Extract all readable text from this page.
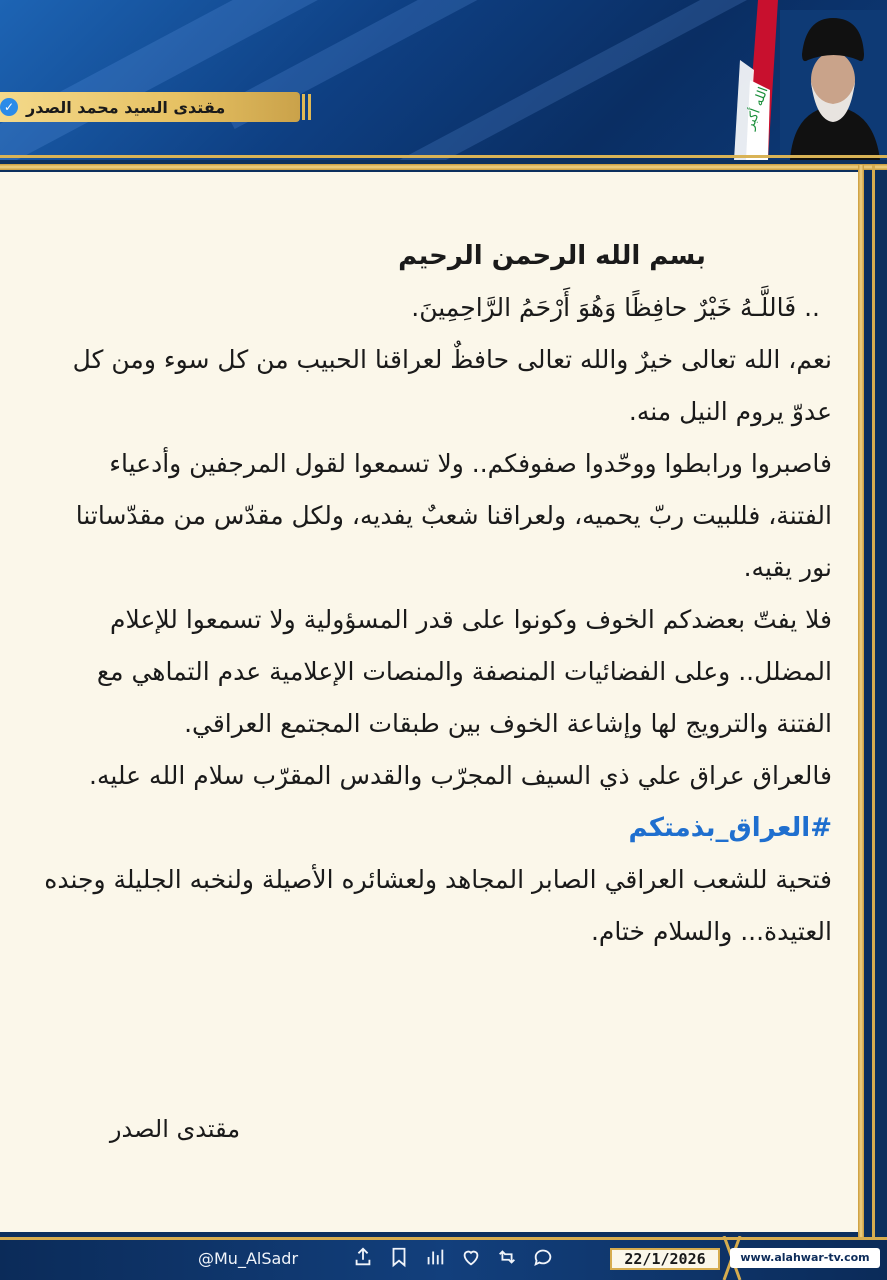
مقتدى السيد محمد الصدر
✓	الله أكبر
بسم الله الرحمن الرحيم
.. فَاللَّـهُ خَيْرٌ حافِظًا وَهُوَ أَرْحَمُ الرَّاحِمِينَ.
نعم، الله تعالى خيرٌ والله تعالى حافظٌ لعراقنا الحبيب من كل سوء ومن كل عدوّ يروم النيل منه.
فاصبروا ورابطوا ووحّدوا صفوفكم.. ولا تسمعوا لقول المرجفين وأدعياء الفتنة، فللبيت ربّ يحميه، ولعراقنا شعبٌ يفديه، ولكل مقدّس من مقدّساتنا نور يقيه.
فلا يفتّ بعضدكم الخوف وكونوا على قدر المسؤولية ولا تسمعوا للإعلام المضلل.. وعلى الفضائيات المنصفة والمنصات الإعلامية عدم التماهي مع الفتنة والترويج لها وإشاعة الخوف بين طبقات المجتمع العراقي.
فالعراق عراق علي ذي السيف المجرّب والقدس المقرّب سلام الله عليه.
#العراق_بذمتكم
فتحية للشعب العراقي الصابر المجاهد ولعشائره الأصيلة ولنخبه الجليلة وجنده العتيدة... والسلام ختام.
مقتدى الصدر
@Mu_AlSadr	22/1/2026	www.alahwar-tv.com
